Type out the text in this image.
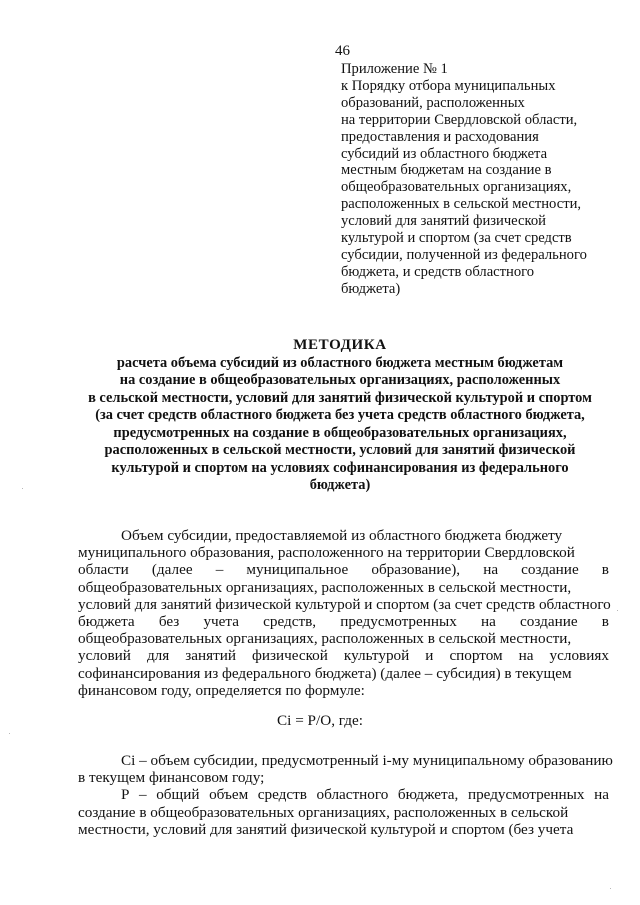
46
Приложение № 1
к Порядку отбора муниципальных
образований, расположенных
на территории Свердловской области,
предоставления и расходования
субсидий из областного бюджета
местным бюджетам на создание в
общеобразовательных организациях,
расположенных в сельской местности,
условий для занятий физической
культурой и спортом (за счет средств
субсидии, полученной из федерального
бюджета, и средств областного
бюджета)
МЕТОДИКА
расчета объема субсидий из областного бюджета местным бюджетам
на создание в общеобразовательных организациях, расположенных
в сельской местности, условий для занятий физической культурой и спортом
(за счет средств областного бюджета без учета средств областного бюджета,
предусмотренных на создание в общеобразовательных организациях,
расположенных в сельской местности, условий для занятий физической
культурой и спортом на условиях софинансирования из федерального
бюджета)
Объем субсидии, предоставляемой из областного бюджета бюджету
муниципального образования, расположенного на территории Свердловской
области (далее – муниципальное образование), на создание в
общеобразовательных организациях, расположенных в сельской местности,
условий для занятий физической культурой и спортом (за счет средств областного
бюджета без учета средств, предусмотренных на создание в
общеобразовательных организациях, расположенных в сельской местности,
условий для занятий физической культурой и спортом на условиях
софинансирования из федерального бюджета) (далее – субсидия) в текущем
финансовом году, определяется по формуле:
Ci = P/O, где:
Ci – объем субсидии, предусмотренный i-му муниципальному образованию
в текущем финансовом году;
Р – общий объем средств областного бюджета, предусмотренных на
создание в общеобразовательных организациях, расположенных в сельской
местности, условий для занятий физической культурой и спортом (без учета
